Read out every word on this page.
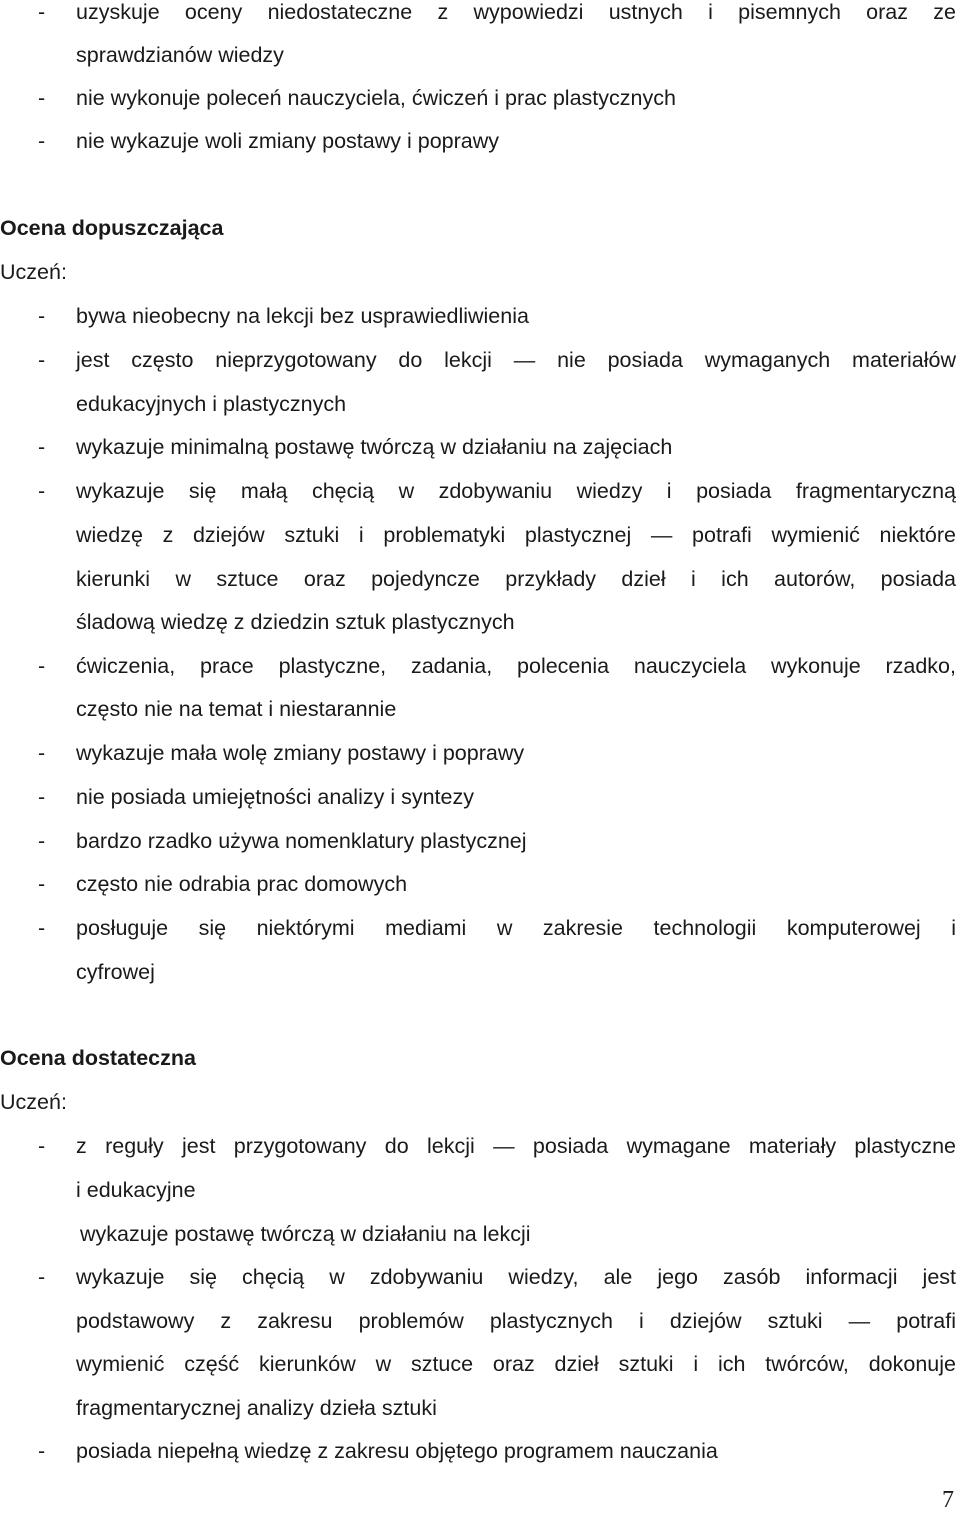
- uzyskuje oceny niedostateczne z wypowiedzi ustnych i pisemnych oraz ze
sprawdzianów wiedzy
- nie wykonuje poleceń nauczyciela, ćwiczeń i prac plastycznych
- nie wykazuje woli zmiany postawy i poprawy
Ocena dopuszczająca
Uczeń:
- bywa nieobecny na lekcji bez usprawiedliwienia
- jest często nieprzygotowany do lekcji ― nie posiada wymaganych materiałów
edukacyjnych i plastycznych
- wykazuje minimalną postawę twórczą w działaniu na zajęciach
- wykazuje się małą chęcią w zdobywaniu wiedzy i posiada fragmentaryczną
wiedzę z dziejów sztuki i problematyki plastycznej ― potrafi wymienić niektóre
kierunki w sztuce oraz pojedyncze przykłady dzieł i ich autorów, posiada
śladową wiedzę z dziedzin sztuk plastycznych
- ćwiczenia, prace plastyczne, zadania, polecenia nauczyciela wykonuje rzadko,
często nie na temat i niestarannie
- wykazuje mała wolę zmiany postawy i poprawy
- nie posiada umiejętności analizy i syntezy
- bardzo rzadko używa nomenklatury plastycznej
- często nie odrabia prac domowych
- posługuje się niektórymi mediami w zakresie technologii komputerowej i
cyfrowej
Ocena dostateczna
Uczeń:
- z reguły jest przygotowany do lekcji ― posiada wymagane materiały plastyczne
i edukacyjne
wykazuje postawę twórczą w działaniu na lekcji
- wykazuje się chęcią w zdobywaniu wiedzy, ale jego zasób informacji jest
podstawowy z zakresu problemów plastycznych i dziejów sztuki ― potrafi
wymienić część kierunków w sztuce oraz dzieł sztuki i ich twórców, dokonuje
fragmentarycznej analizy dzieła sztuki
- posiada niepełną wiedzę z zakresu objętego programem nauczania
7
